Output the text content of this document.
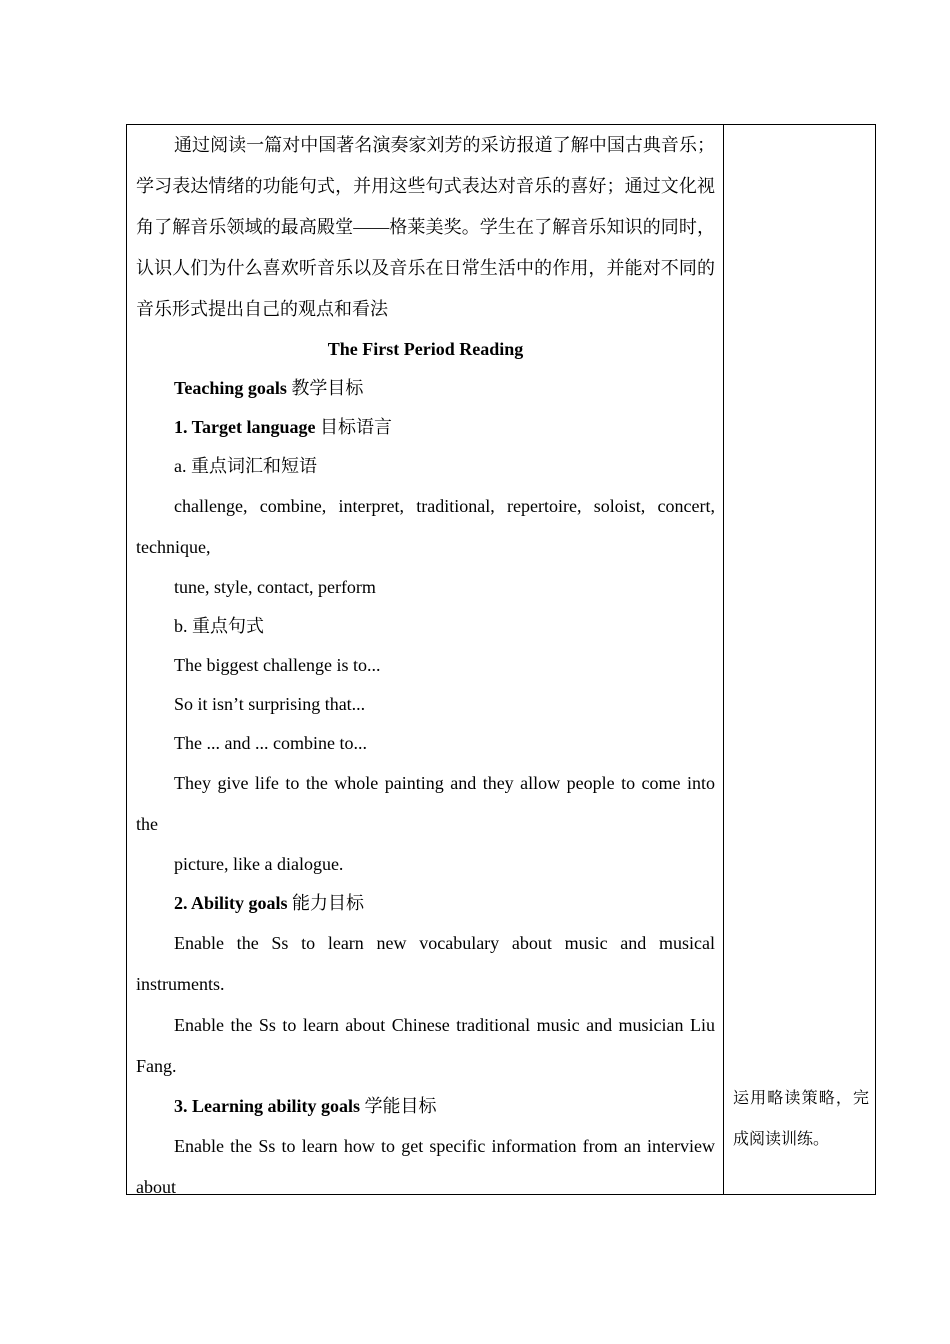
通过阅读一篇对中国著名演奏家刘芳的采访报道了解中国古典音乐；学习表达情绪的功能句式，并用这些句式表达对音乐的喜好；通过文化视角了解音乐领域的最高殿堂——格莱美奖。学生在了解音乐知识的同时，认识人们为什么喜欢听音乐以及音乐在日常生活中的作用，并能对不同的音乐形式提出自己的观点和看法

The First Period Reading

Teaching goals 教学目标

1. Target language 目标语言

a. 重点词汇和短语

challenge, combine, interpret, traditional, repertoire, soloist, concert, technique,

tune, style, contact, perform

b. 重点句式

The biggest challenge is to...

So it isn’t surprising that...

The ... and ... combine to...

They give life to the whole painting and they allow people to come into the

picture, like a dialogue.

2. Ability goals 能力目标

Enable the Ss to learn new vocabulary about music and musical instruments.

Enable the Ss to learn about Chinese traditional music and musician Liu Fang.

3. Learning ability goals 学能目标

Enable the Ss to learn how to get specific information from an interview about

运用略读策略，完成阅读训练。
